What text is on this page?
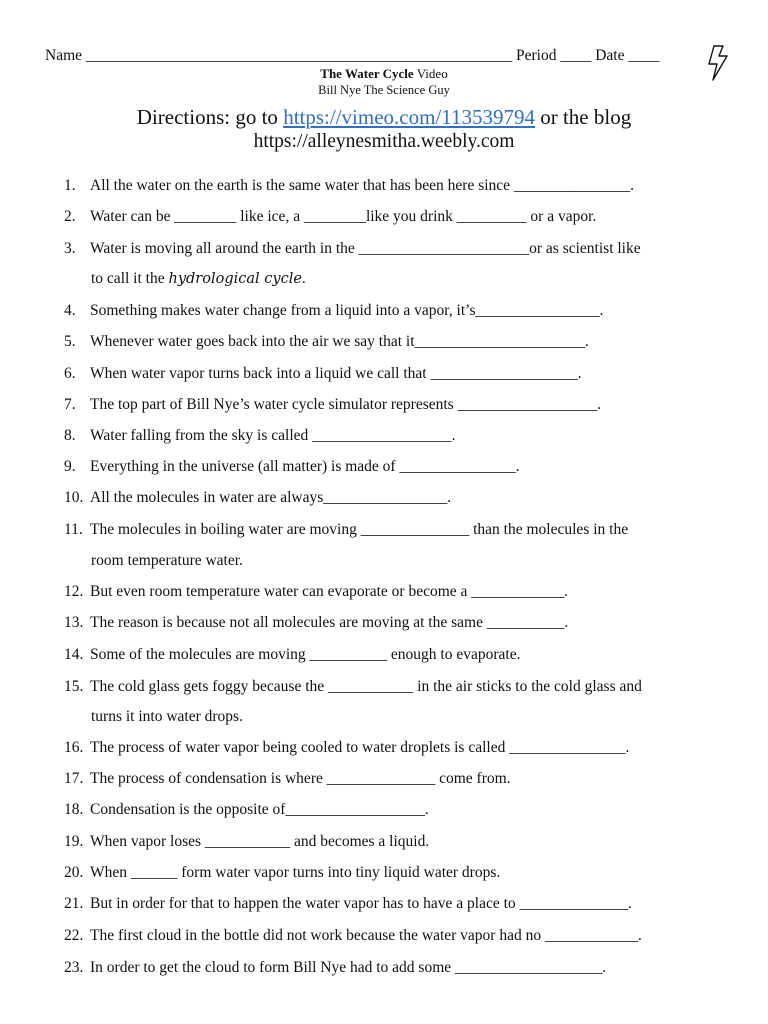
Name _______________________________________________________ Period ____ Date ____
The Water Cycle Video
Bill Nye The Science Guy
Directions: go to https://vimeo.com/113539794 or the blog
https://alleynesmitha.weebly.com
1. All the water on the earth is the same water that has been here since _______________.
2. Water can be ________ like ice, a ________like you drink _________ or a vapor.
3. Water is moving all around the earth in the ______________________or as scientist like
to call it the hydrological cycle.
4. Something makes water change from a liquid into a vapor, it’s________________.
5. Whenever water goes back into the air we say that it______________________.
6. When water vapor turns back into a liquid we call that ___________________.
7. The top part of Bill Nye’s water cycle simulator represents __________________.
8. Water falling from the sky is called __________________.
9. Everything in the universe (all matter) is made of _______________.
10. All the molecules in water are always________________.
11. The molecules in boiling water are moving ______________ than the molecules in the
room temperature water.
12. But even room temperature water can evaporate or become a ____________.
13. The reason is because not all molecules are moving at the same __________.
14. Some of the molecules are moving __________ enough to evaporate.
15. The cold glass gets foggy because the ___________ in the air sticks to the cold glass and
turns it into water drops.
16. The process of water vapor being cooled to water droplets is called _______________.
17. The process of condensation is where ______________ come from.
18. Condensation is the opposite of__________________.
19. When vapor loses ___________ and becomes a liquid.
20. When ______ form water vapor turns into tiny liquid water drops.
21. But in order for that to happen the water vapor has to have a place to ______________.
22. The first cloud in the bottle did not work because the water vapor had no ____________.
23. In order to get the cloud to form Bill Nye had to add some ___________________.
